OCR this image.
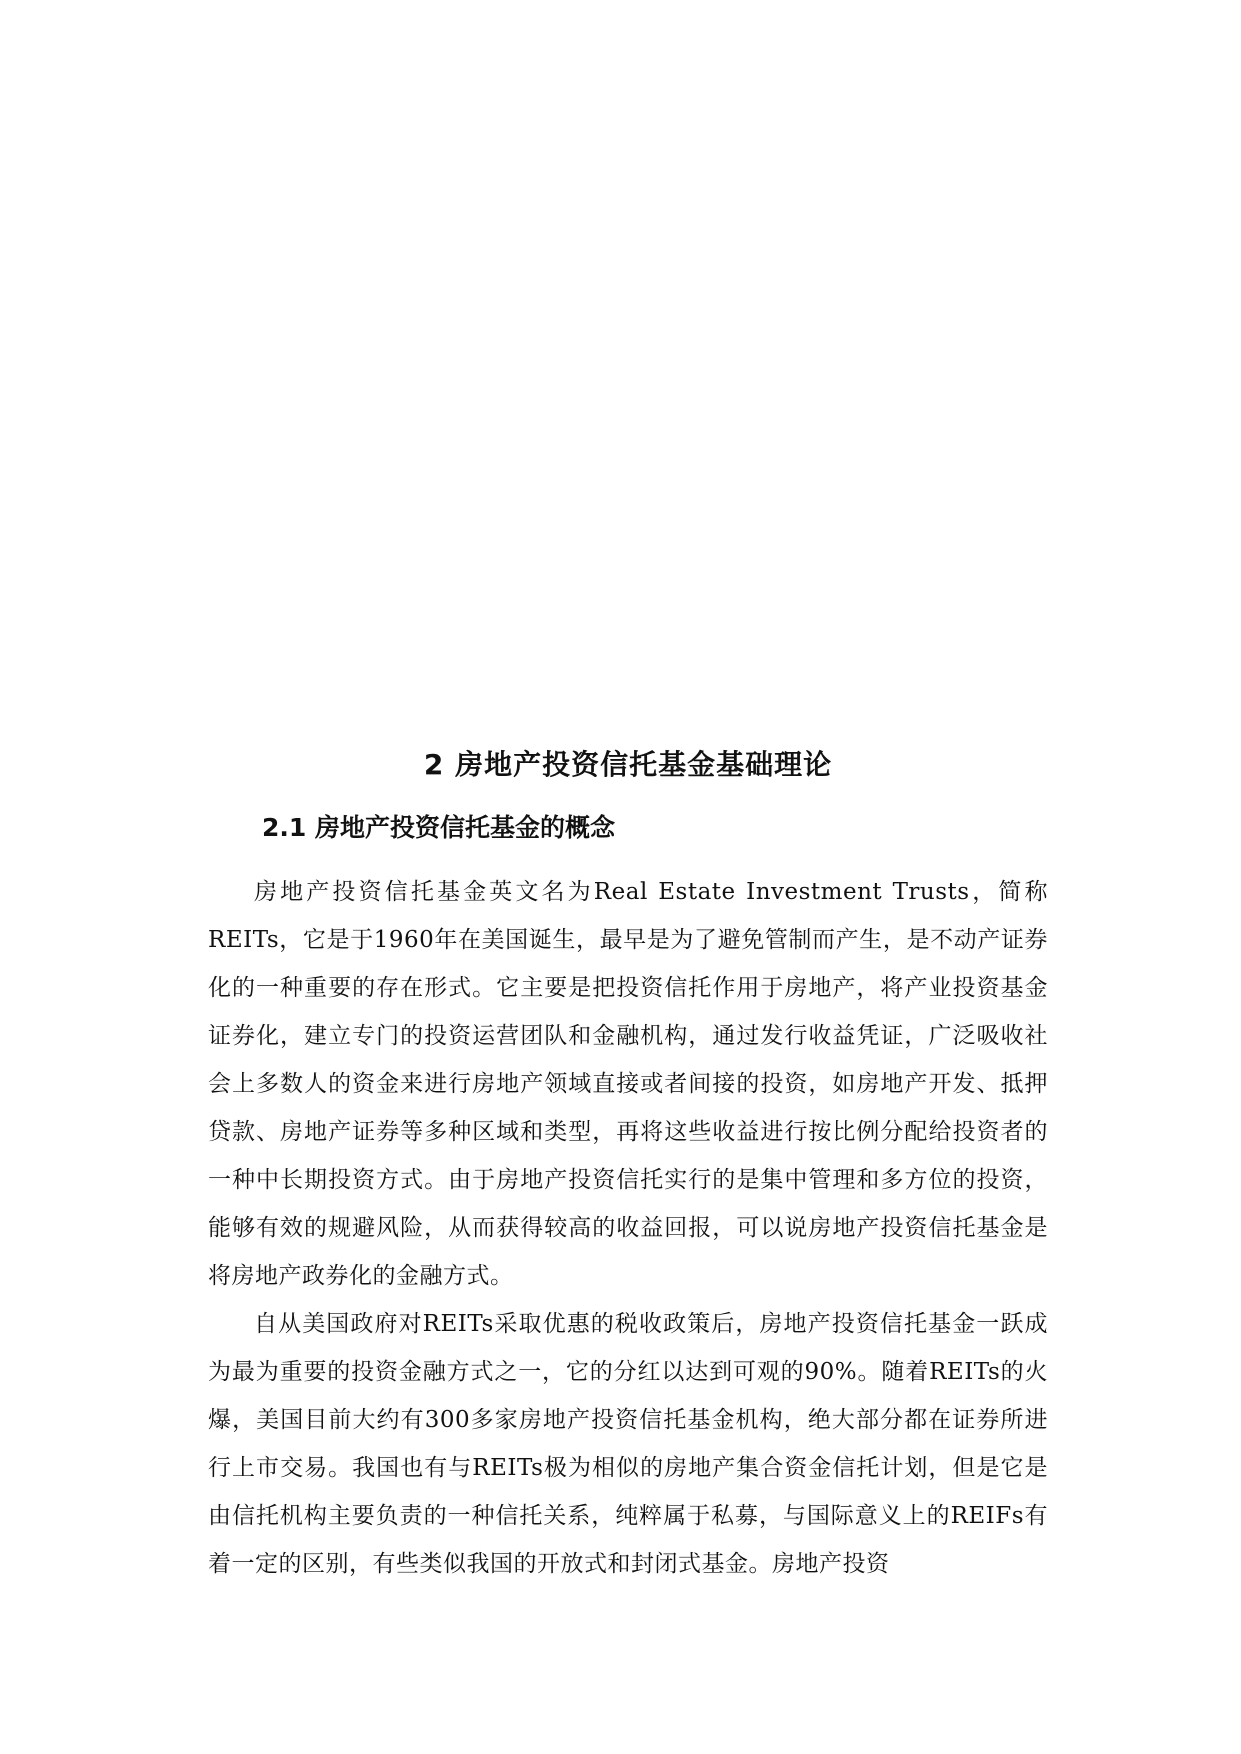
2 房地产投资信托基金基础理论
2.1 房地产投资信托基金的概念

房地产投资信托基金英文名为Real Estate Investment Trusts，简称REITs，它是于1960年在美国诞生，最早是为了避免管制而产生，是不动产证券化的一种重要的存在形式。它主要是把投资信托作用于房地产，将产业投资基金证券化，建立专门的投资运营团队和金融机构，通过发行收益凭证，广泛吸收社会上多数人的资金来进行房地产领域直接或者间接的投资，如房地产开发、抵押贷款、房地产证券等多种区域和类型，再将这些收益进行按比例分配给投资者的一种中长期投资方式。由于房地产投资信托实行的是集中管理和多方位的投资，能够有效的规避风险，从而获得较高的收益回报，可以说房地产投资信托基金是将房地产政券化的金融方式。

自从美国政府对REITs采取优惠的税收政策后，房地产投资信托基金一跃成为最为重要的投资金融方式之一，它的分红以达到可观的90%。随着REITs的火爆，美国目前大约有300多家房地产投资信托基金机构，绝大部分都在证券所进行上市交易。我国也有与REITs极为相似的房地产集合资金信托计划，但是它是由信托机构主要负责的一种信托关系，纯粹属于私募，与国际意义上的REIFs有着一定的区别，有些类似我国的开放式和封闭式基金。房地产投资
